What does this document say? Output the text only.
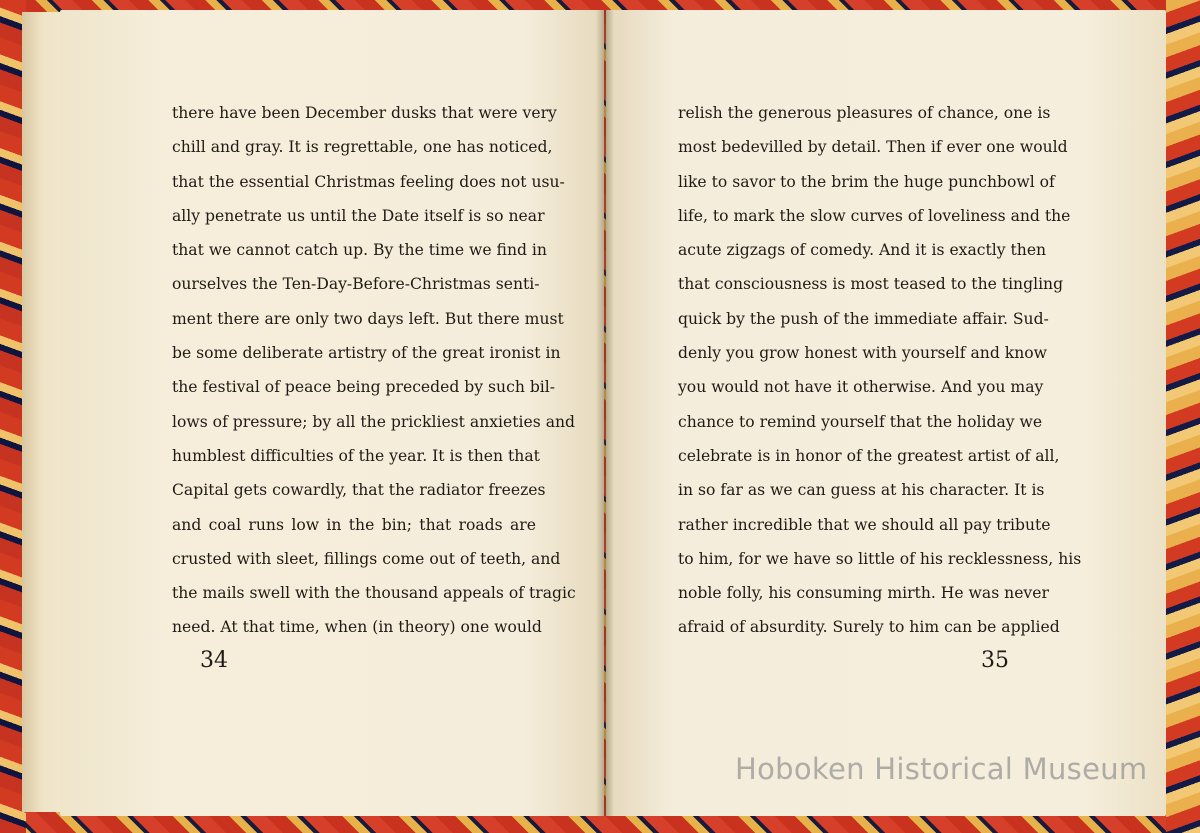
there have been December dusks that were very
chill and gray. It is regrettable, one has noticed,
that the essential Christmas feeling does not usu-
ally penetrate us until the Date itself is so near
that we cannot catch up. By the time we find in
ourselves the Ten-Day-Before-Christmas senti-
ment there are only two days left. But there must
be some deliberate artistry of the great ironist in
the festival of peace being preceded by such bil-
lows of pressure; by all the prickliest anxieties and
humblest difficulties of the year. It is then that
Capital gets cowardly, that the radiator freezes
and coal runs low in the bin; that roads are
crusted with sleet, fillings come out of teeth, and
the mails swell with the thousand appeals of tragic
need. At that time, when (in theory) one would
34
relish the generous pleasures of chance, one is
most bedevilled by detail. Then if ever one would
like to savor to the brim the huge punchbowl of
life, to mark the slow curves of loveliness and the
acute zigzags of comedy. And it is exactly then
that consciousness is most teased to the tingling
quick by the push of the immediate affair. Sud-
denly you grow honest with yourself and know
you would not have it otherwise. And you may
chance to remind yourself that the holiday we
celebrate is in honor of the greatest artist of all,
in so far as we can guess at his character. It is
rather incredible that we should all pay tribute
to him, for we have so little of his recklessness, his
noble folly, his consuming mirth. He was never
afraid of absurdity. Surely to him can be applied
35
Hoboken Historical Museum
